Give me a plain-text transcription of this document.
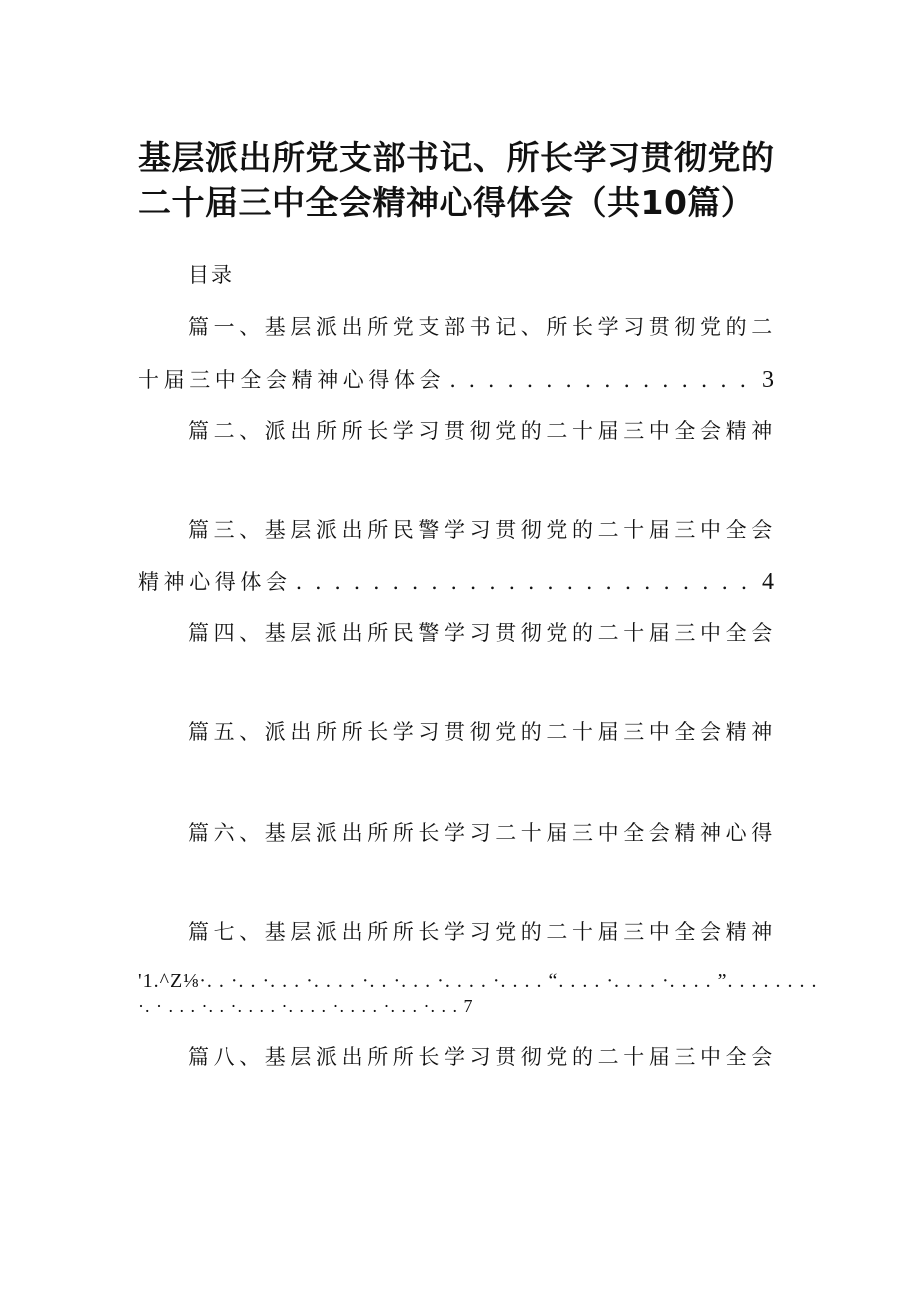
基层派出所党支部书记、所长学习贯彻党的
二十届三中全会精神心得体会（共10篇）
目录
篇一、基层派出所党支部书记、所长学习贯彻党的二
十届三中全会精神心得体会 . . .	3
篇二、派出所所长学习贯彻党的二十届三中全会精神
篇三、基层派出所民警学习贯彻党的二十届三中全会
精神心得体会 . . .	4
篇四、基层派出所民警学习贯彻党的二十届三中全会
篇五、派出所所长学习贯彻党的二十届三中全会精神
篇六、基层派出所所长学习二十届三中全会精神心得
篇七、基层派出所所长学习党的二十届三中全会精神
'1.^Z⅛·. . ·. . ·. . . ·. . . . ·. . ·. . . ·. . . . ·. . . . “. . . . ·. . . . ·. . . . ”. . . . . . . .
·. · . . . ·. . ·. . . . ·. . . . ·. . . . ·. . . ·. . . 7
篇八、基层派出所所长学习贯彻党的二十届三中全会
